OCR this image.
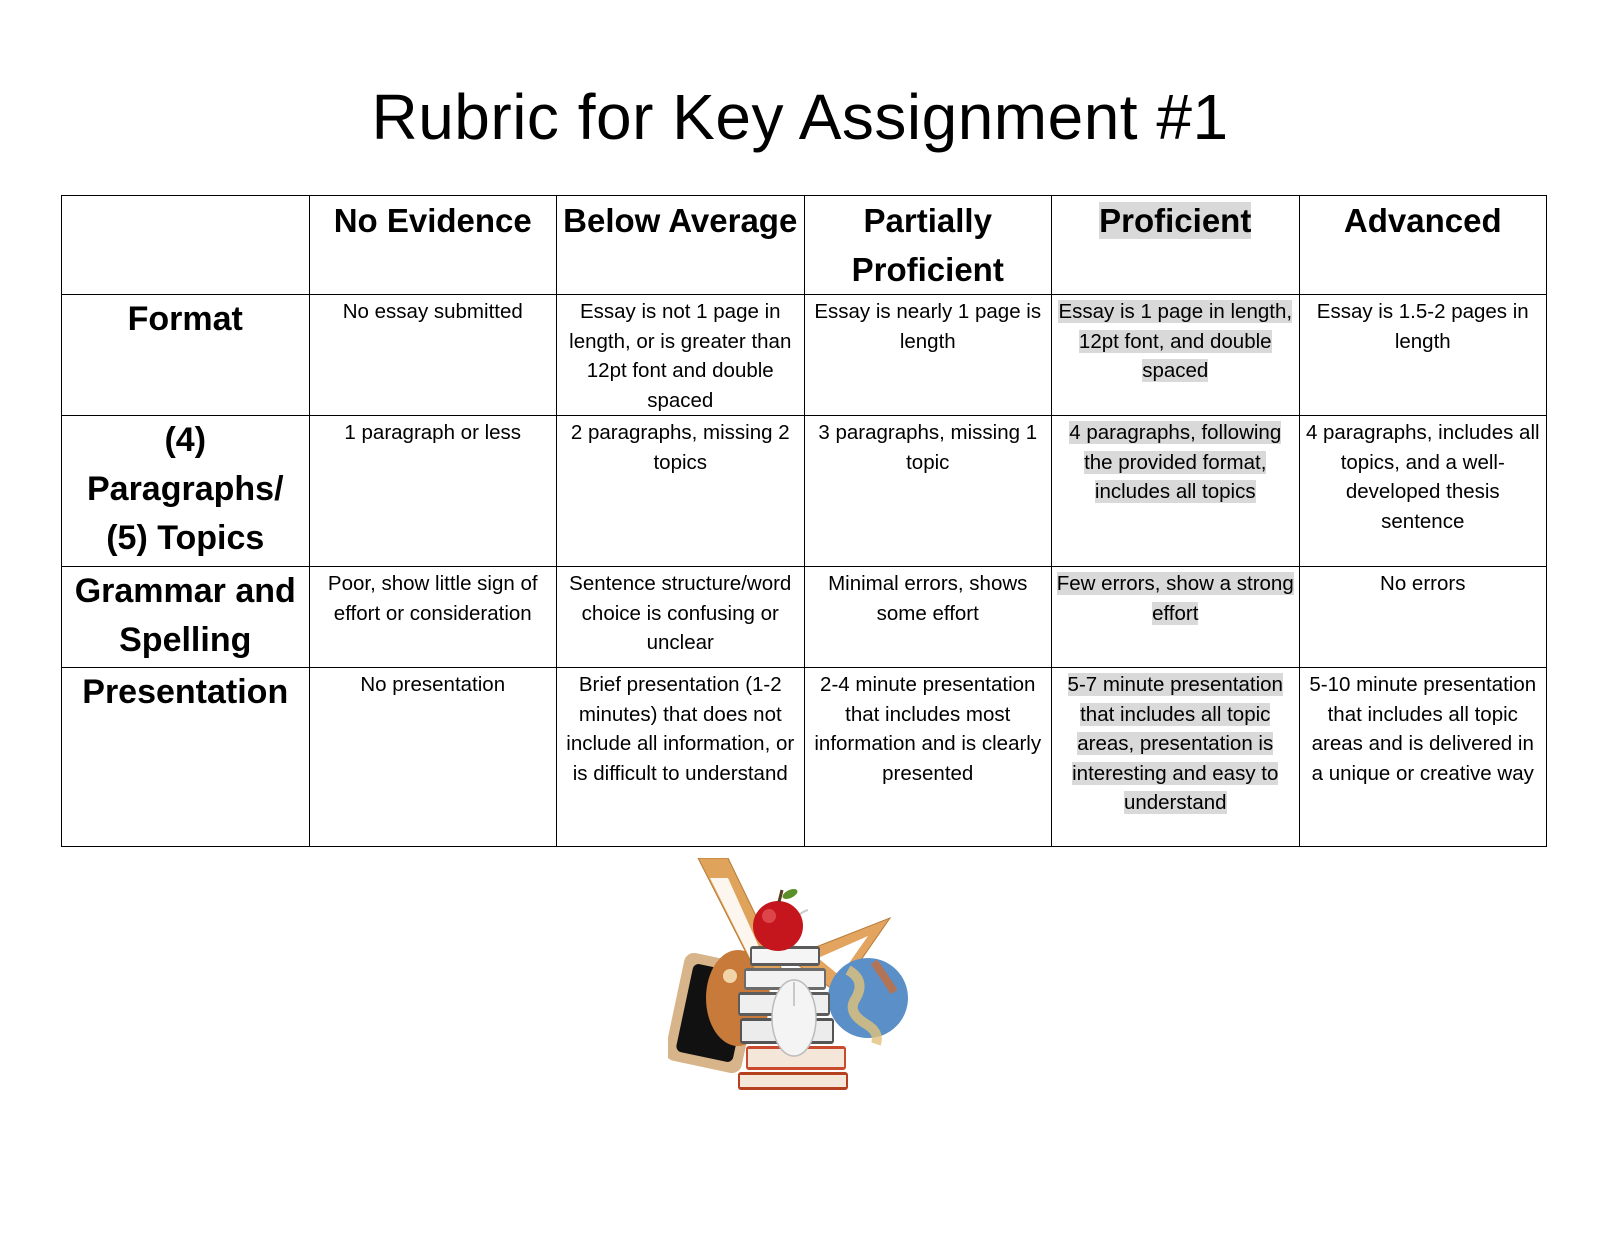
Rubric for Key Assignment #1
	No Evidence	Below Average	Partially Proficient	Proficient	Advanced
Format	No essay submitted	Essay is not 1 page in length, or is greater than 12pt font and double spaced	Essay is nearly 1 page is length	Essay is 1 page in length, 12pt font, and double spaced	Essay is 1.5-2 pages in length
(4) Paragraphs/ (5) Topics	1 paragraph or less	2 paragraphs, missing 2 topics	3 paragraphs, missing 1 topic	4 paragraphs, following the provided format, includes all topics	4 paragraphs, includes all topics, and a well-developed thesis sentence
Grammar and Spelling	Poor, show little sign of effort or consideration	Sentence structure/word choice is confusing or unclear	Minimal errors, shows some effort	Few errors, show a strong effort	No errors
Presentation	No presentation	Brief presentation (1-2 minutes) that does not include all information, or is difficult to understand	2-4 minute presentation that includes most information and is clearly presented	5-7 minute presentation that includes all topic areas, presentation is interesting and easy to understand	5-10 minute presentation that includes all topic areas and is delivered in a unique or creative way
